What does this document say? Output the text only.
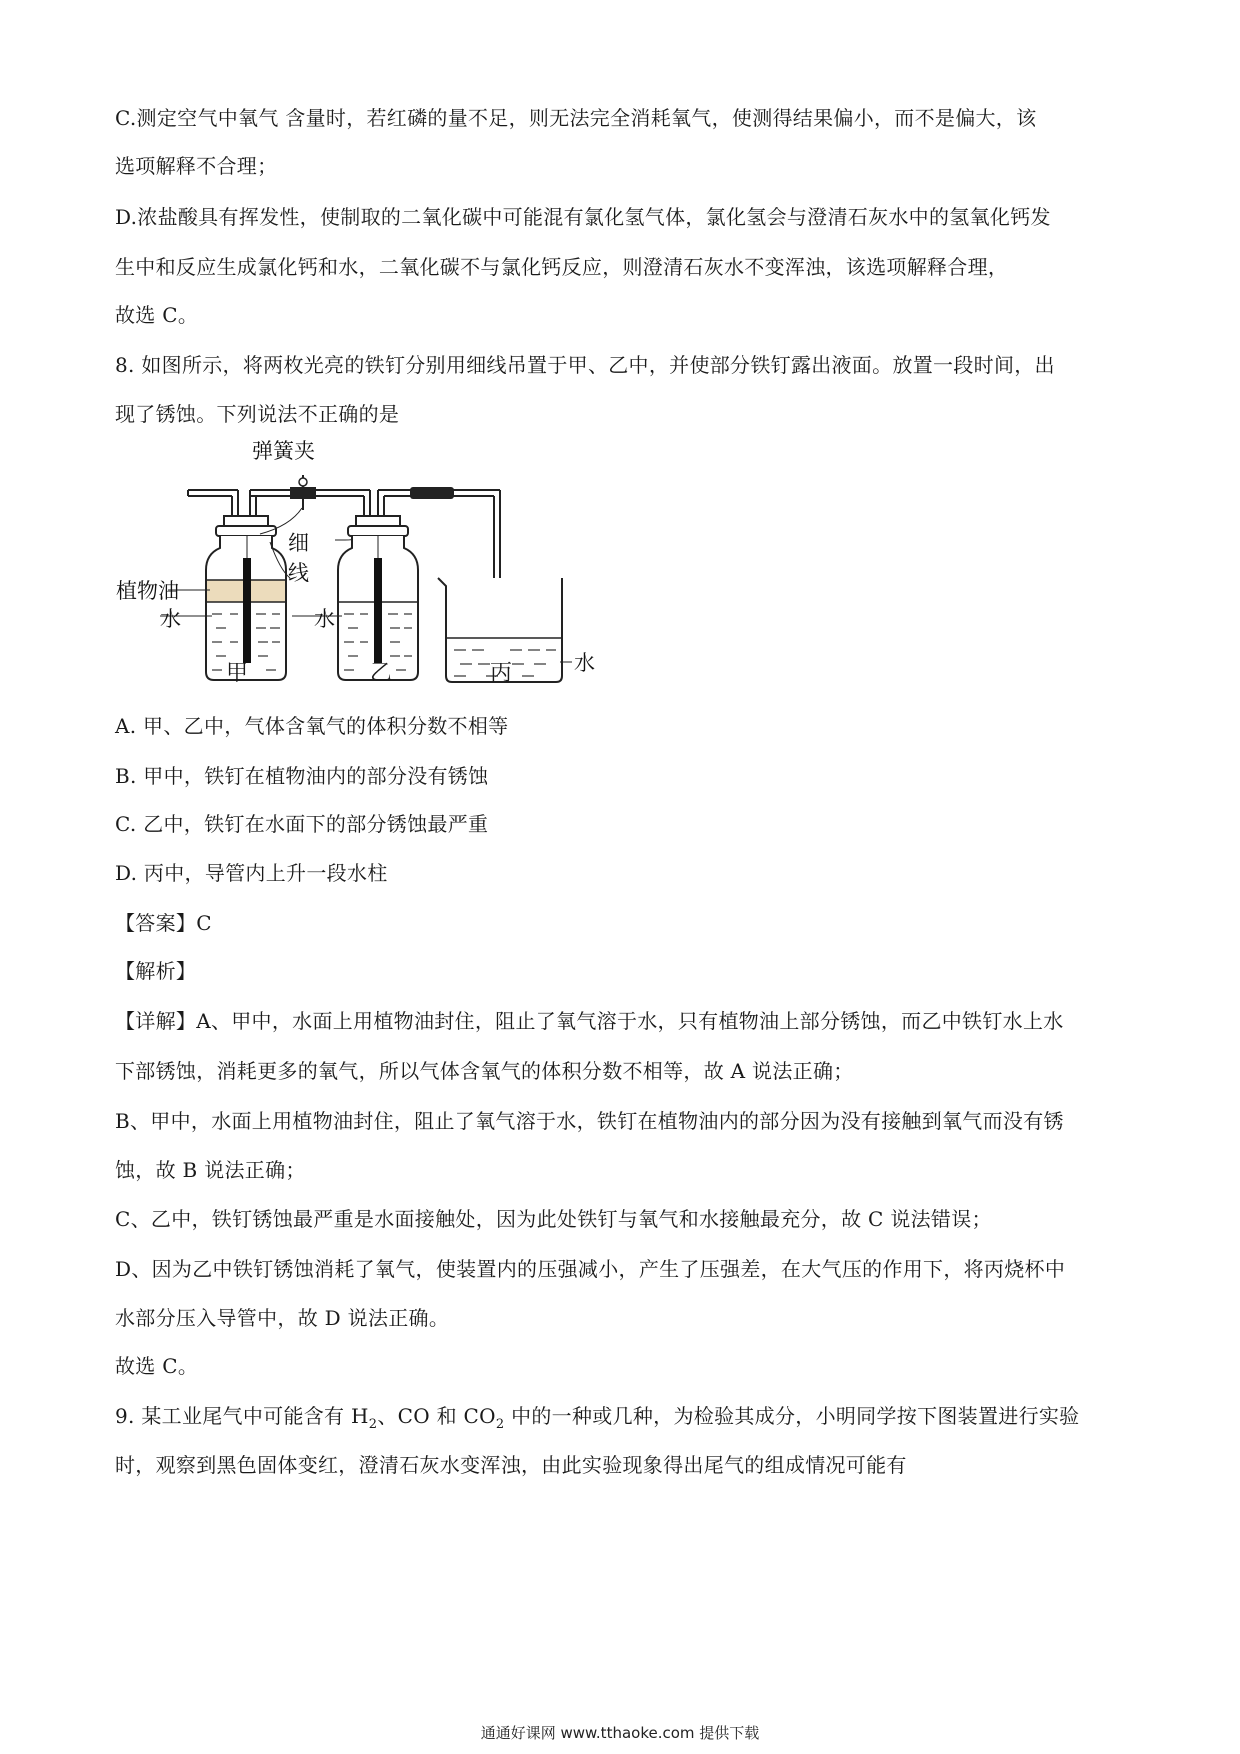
C.测定空气中氧气 含量时，若红磷的量不足，则无法完全消耗氧气，使测得结果偏小，而不是偏大，该
选项解释不合理；
D.浓盐酸具有挥发性，使制取的二氧化碳中可能混有氯化氢气体，氯化氢会与澄清石灰水中的氢氧化钙发
生中和反应生成氯化钙和水，二氧化碳不与氯化钙反应，则澄清石灰水不变浑浊，该选项解释合理，
故选 C。
8. 如图所示，将两枚光亮的铁钉分别用细线吊置于甲、乙中，并使部分铁钉露出液面。放置一段时间，出
现了锈蚀。下列说法不正确的是
弹簧夹
细
线
植物油
水	水
水
甲	乙	丙
A. 甲、乙中，气体含氧气的体积分数不相等
B. 甲中，铁钉在植物油内的部分没有锈蚀
C. 乙中，铁钉在水面下的部分锈蚀最严重
D. 丙中，导管内上升一段水柱
【答案】C
【解析】
【详解】A、甲中，水面上用植物油封住，阻止了氧气溶于水，只有植物油上部分锈蚀，而乙中铁钉水上水
下部锈蚀，消耗更多的氧气，所以气体含氧气的体积分数不相等，故 A 说法正确；
B、甲中，水面上用植物油封住，阻止了氧气溶于水，铁钉在植物油内的部分因为没有接触到氧气而没有锈
蚀，故 B 说法正确；
C、乙中，铁钉锈蚀最严重是水面接触处，因为此处铁钉与氧气和水接触最充分，故 C 说法错误；
D、因为乙中铁钉锈蚀消耗了氧气，使装置内的压强减小，产生了压强差，在大气压的作用下，将丙烧杯中
水部分压入导管中，故 D 说法正确。
故选 C。
9. 某工业尾气中可能含有 $H_2$、CO 和 $CO_2$ 中的一种或几种，为检验其成分，小明同学按下图装置进行实验
时，观察到黑色固体变红，澄清石灰水变浑浊，由此实验现象得出尾气的组成情况可能有
通通好课网 www.tthaoke.com 提供下载
